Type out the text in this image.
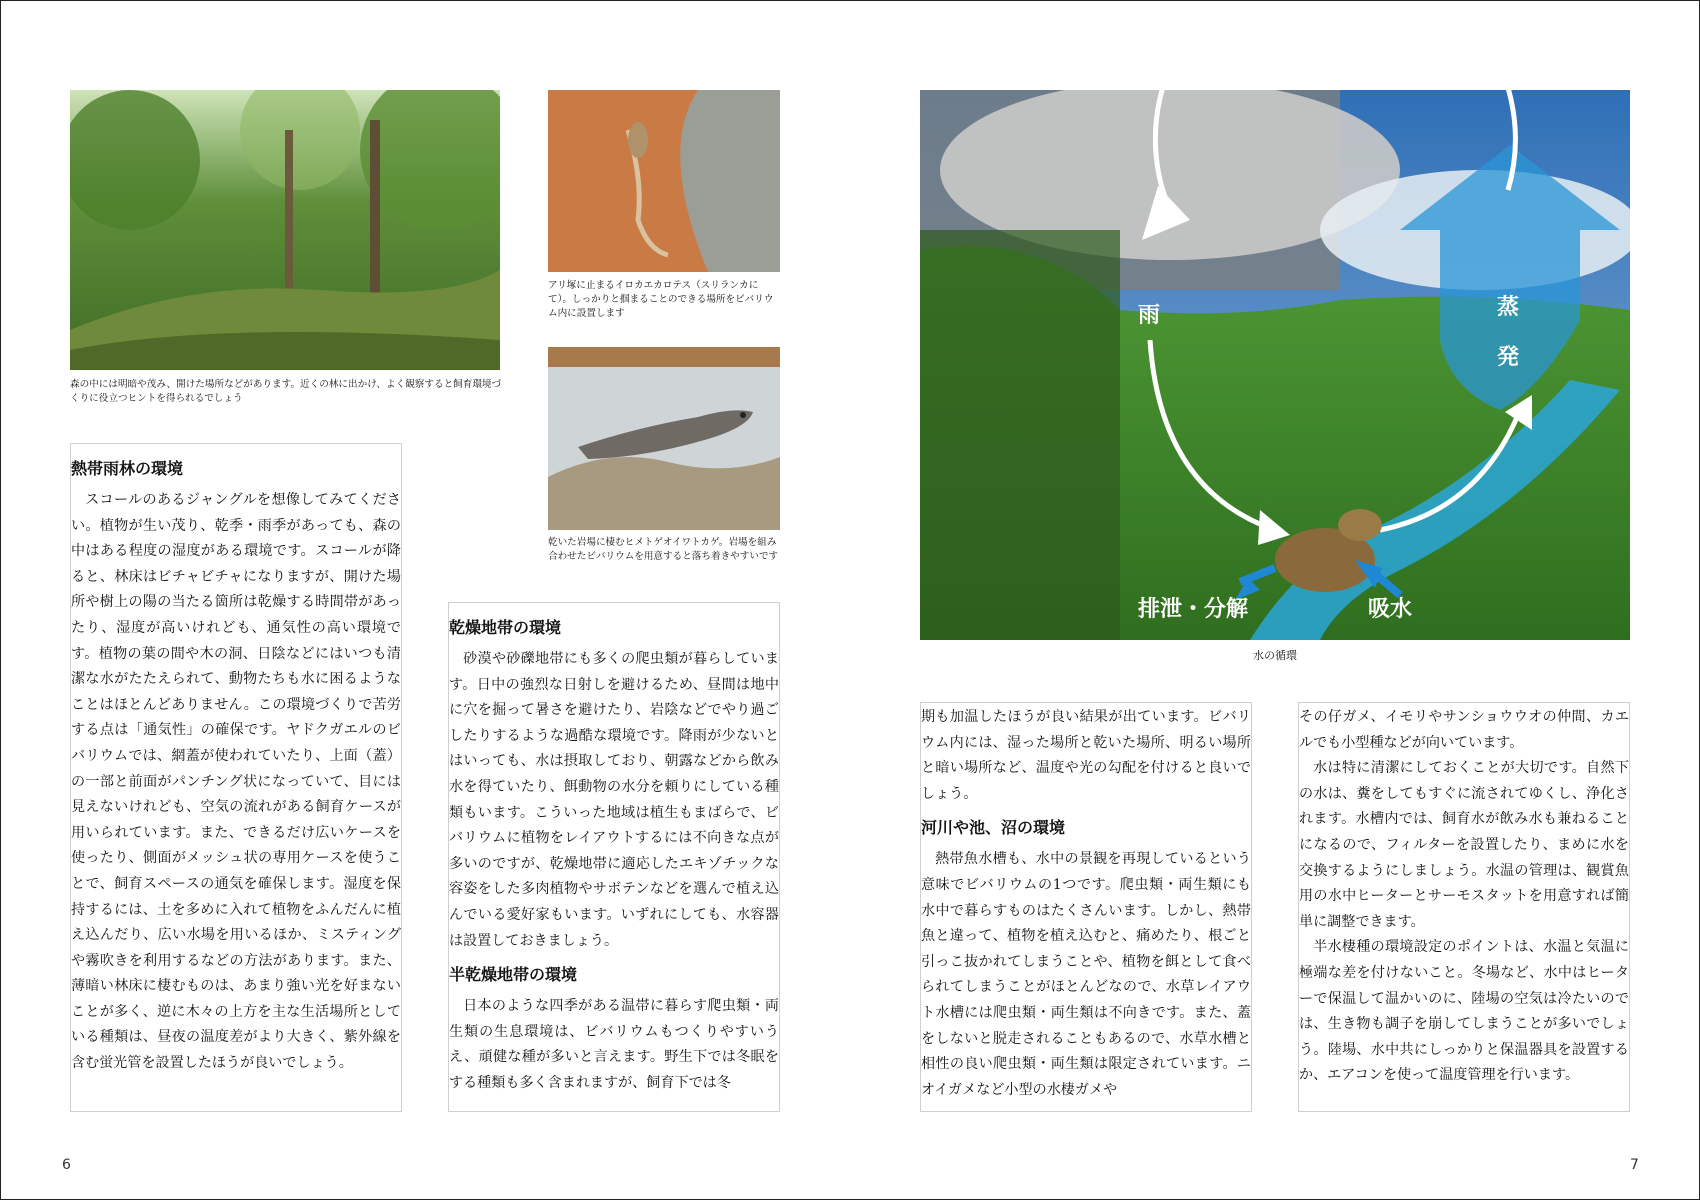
森の中には明暗や茂み、開けた場所などがあります。近くの林に出かけ、よく観察すると飼育環境づくりに役立つヒントを得られるでしょう
アリ塚に止まるイロカエカロテス（スリランカにて）。しっかりと掴まることのできる場所をビバリウム内に設置します
乾いた岩場に棲むヒメトゲオイワトカゲ。岩場を組み合わせたビバリウムを用意すると落ち着きやすいです
熱帯雨林の環境

スコールのあるジャングルを想像してみてください。植物が生い茂り、乾季・雨季があっても、森の中はある程度の湿度がある環境です。スコールが降ると、林床はビチャビチャになりますが、開けた場所や樹上の陽の当たる箇所は乾燥する時間帯があったり、湿度が高いけれども、通気性の高い環境です。植物の葉の間や木の洞、日陰などにはいつも清潔な水がたたえられて、動物たちも水に困るようなことはほとんどありません。この環境づくりで苦労する点は「通気性」の確保です。ヤドクガエルのビバリウムでは、網蓋が使われていたり、上面（蓋）の一部と前面がパンチング状になっていて、目には見えないけれども、空気の流れがある飼育ケースが用いられています。また、できるだけ広いケースを使ったり、側面がメッシュ状の専用ケースを使うことで、飼育スペースの通気を確保します。湿度を保持するには、土を多めに入れて植物をふんだんに植え込んだり、広い水場を用いるほか、ミスティングや霧吹きを利用するなどの方法があります。また、薄暗い林床に棲むものは、あまり強い光を好まないことが多く、逆に木々の上方を主な生活場所としている種類は、昼夜の温度差がより大きく、紫外線を含む蛍光管を設置したほうが良いでしょう。

乾燥地帯の環境

砂漠や砂礫地帯にも多くの爬虫類が暮らしています。日中の強烈な日射しを避けるため、昼間は地中に穴を掘って暑さを避けたり、岩陰などでやり過ごしたりするような過酷な環境です。降雨が少ないとはいっても、水は摂取しており、朝露などから飲み水を得ていたり、餌動物の水分を頼りにしている種類もいます。こういった地域は植生もまばらで、ビバリウムに植物をレイアウトするには不向きな点が多いのですが、乾燥地帯に適応したエキゾチックな容姿をした多肉植物やサボテンなどを選んで植え込んでいる愛好家もいます。いずれにしても、水容器は設置しておきましょう。

半乾燥地帯の環境

日本のような四季がある温帯に暮らす爬虫類・両生類の生息環境は、ビバリウムもつくりやすいうえ、頑健な種が多いと言えます。野生下では冬眠をする種類も多く含まれますが、飼育下では冬

雨	蒸
発
排泄・分解	吸水
水の循環

期も加温したほうが良い結果が出ています。ビバリウム内には、湿った場所と乾いた場所、明るい場所と暗い場所など、温度や光の勾配を付けると良いでしょう。

河川や池、沼の環境

熱帯魚水槽も、水中の景観を再現しているという意味でビバリウムの1つです。爬虫類・両生類にも水中で暮らすものはたくさんいます。しかし、熱帯魚と違って、植物を植え込むと、痛めたり、根ごと引っこ抜かれてしまうことや、植物を餌として食べられてしまうことがほとんどなので、水草レイアウト水槽には爬虫類・両生類は不向きです。また、蓋をしないと脱走されることもあるので、水草水槽と相性の良い爬虫類・両生類は限定されています。ニオイガメなど小型の水棲ガメや

その仔ガメ、イモリやサンショウウオの仲間、カエルでも小型種などが向いています。

水は特に清潔にしておくことが大切です。自然下の水は、糞をしてもすぐに流されてゆくし、浄化されます。水槽内では、飼育水が飲み水も兼ねることになるので、フィルターを設置したり、まめに水を交換するようにしましょう。水温の管理は、観賞魚用の水中ヒーターとサーモスタットを用意すれば簡単に調整できます。

半水棲種の環境設定のポイントは、水温と気温に極端な差を付けないこと。冬場など、水中はヒーターで保温して温かいのに、陸場の空気は冷たいのでは、生き物も調子を崩してしまうことが多いでしょう。陸場、水中共にしっかりと保温器具を設置するか、エアコンを使って温度管理を行います。

6	7
